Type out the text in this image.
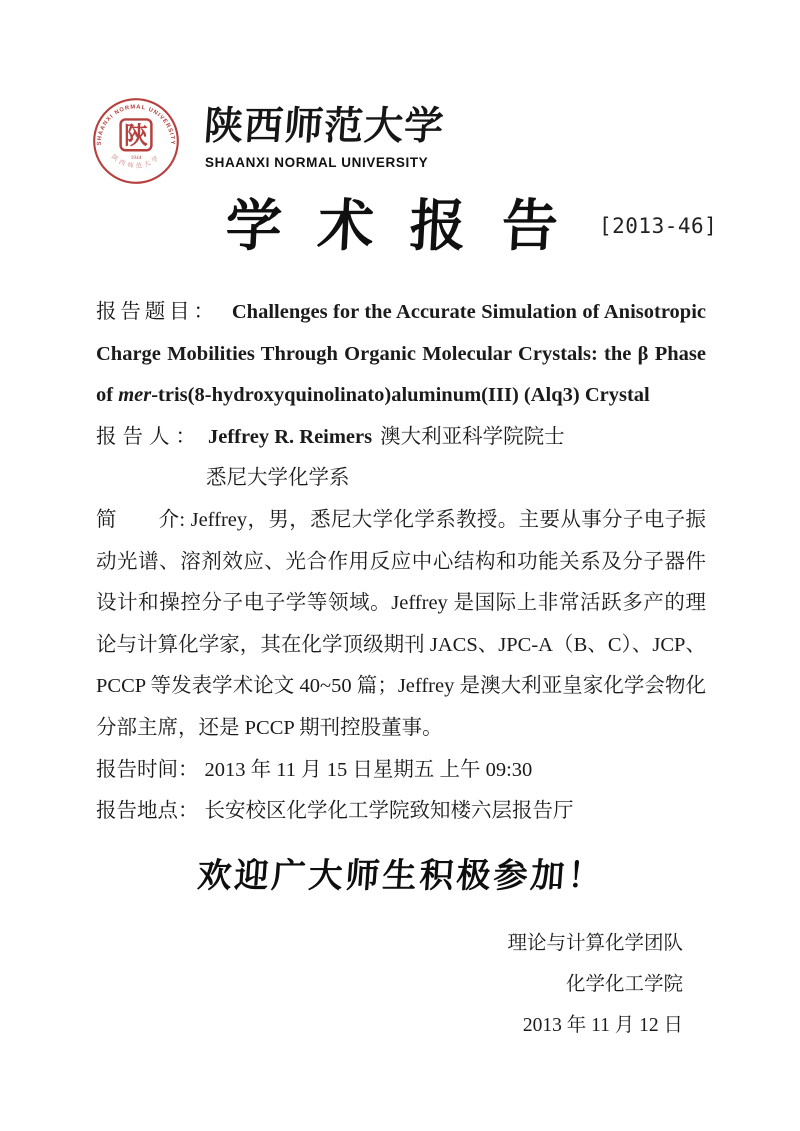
SHAANXI NORMAL UNIVERSITY
陝
1944
陕西师范大学
陕西师范大学
SHAANXI NORMAL UNIVERSITY
学术报告 [2013-46]

报告题目： Challenges for the Accurate Simulation of Anisotropic Charge Mobilities Through Organic Molecular Crystals: the β Phase of mer-tris(8-hydroxyquinolinato)aluminum(III) (Alq3) Crystal

报告人： Jeffrey R. Reimers 澳大利亚科学院院士

悉尼大学化学系

简　　介: Jeffrey，男，悉尼大学化学系教授。主要从事分子电子振动光谱、溶剂效应、光合作用反应中心结构和功能关系及分子器件设计和操控分子电子学等领域。Jeffrey 是国际上非常活跃多产的理论与计算化学家，其在化学顶级期刊 JACS、JPC-A（B、C）、JCP、PCCP 等发表学术论文 40~50 篇；Jeffrey 是澳大利亚皇家化学会物化分部主席，还是 PCCP 期刊控股董事。

报告时间： 2013 年 11 月 15 日星期五 上午 09:30

报告地点： 长安校区化学化工学院致知楼六层报告厅

欢迎广大师生积极参加！
理论与计算化学团队
化学化工学院
2013 年 11 月 12 日
